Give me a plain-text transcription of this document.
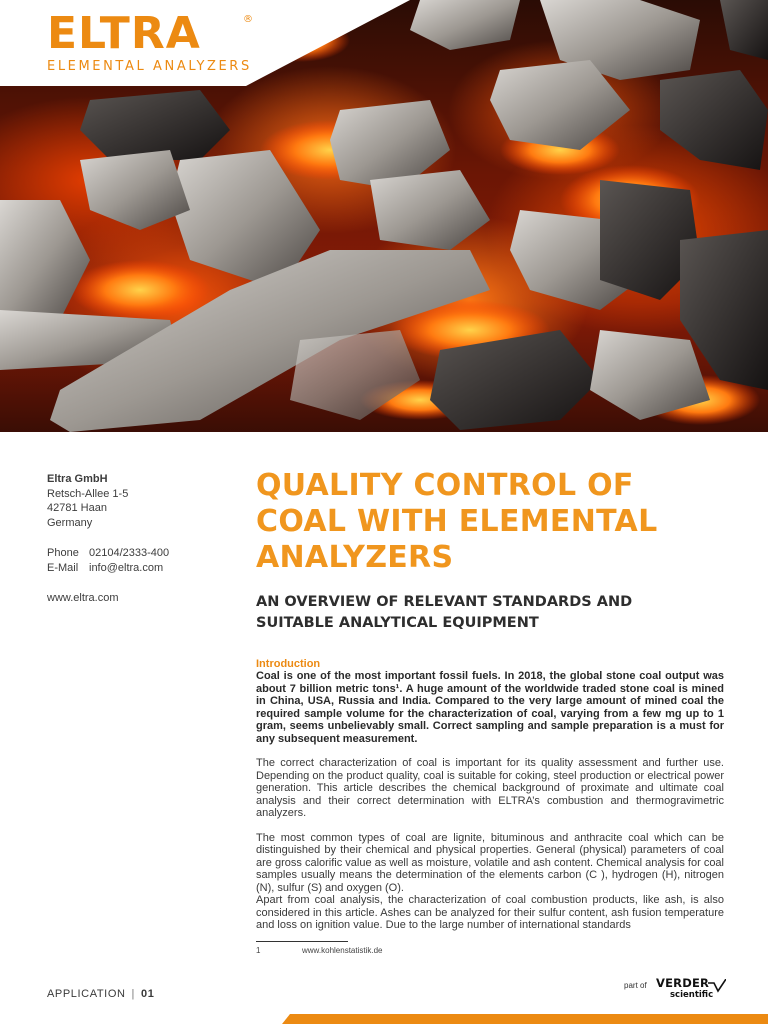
ELTRA	®
ELEMENTAL ANALYZERS
Eltra GmbH
Retsch-Allee 1-5
42781 Haan
Germany
Phone 02104/2333-400
E-Mail info@eltra.com
www.eltra.com
QUALITY CONTROL OF
COAL WITH ELEMENTAL
ANALYZERS
AN OVERVIEW OF RELEVANT STANDARDS AND
SUITABLE ANALYTICAL EQUIPMENT
Introduction

Coal is one of the most important fossil fuels. In 2018, the global stone coal output was about 7 billion metric tons¹. A huge amount of the worldwide traded stone coal is mined in China, USA, Russia and India. Compared to the very large amount of mined coal the required sample volume for the characterization of coal, varying from a few mg up to 1 gram, seems unbelievably small. Correct sampling and sample preparation is a must for any subsequent measurement.

The correct characterization of coal is important for its quality assessment and further use. Depending on the product quality, coal is suitable for coking, steel production or electrical power generation. This article describes the chemical background of proximate and ultimate coal analysis and their correct determination with ELTRA’s combustion and thermogravimetric analyzers.

The most common types of coal are lignite, bituminous and anthracite coal which can be distinguished by their chemical and physical properties. General (physical) parameters of coal are gross calorific value as well as moisture, volatile and ash content. Chemical analysis for coal samples usually means the determination of the elements carbon (C ), hydrogen (H), nitrogen (N), sulfur (S) and oxygen (O).

Apart from coal analysis, the characterization of coal combustion products, like ash, is also considered in this article. Ashes can be analyzed for their sulfur content, ash fusion temperature and loss on ignition value. Due to the large number of international standards

1	www.kohlenstatistik.de
APPLICATION | 01
part of VERDER
scientific
